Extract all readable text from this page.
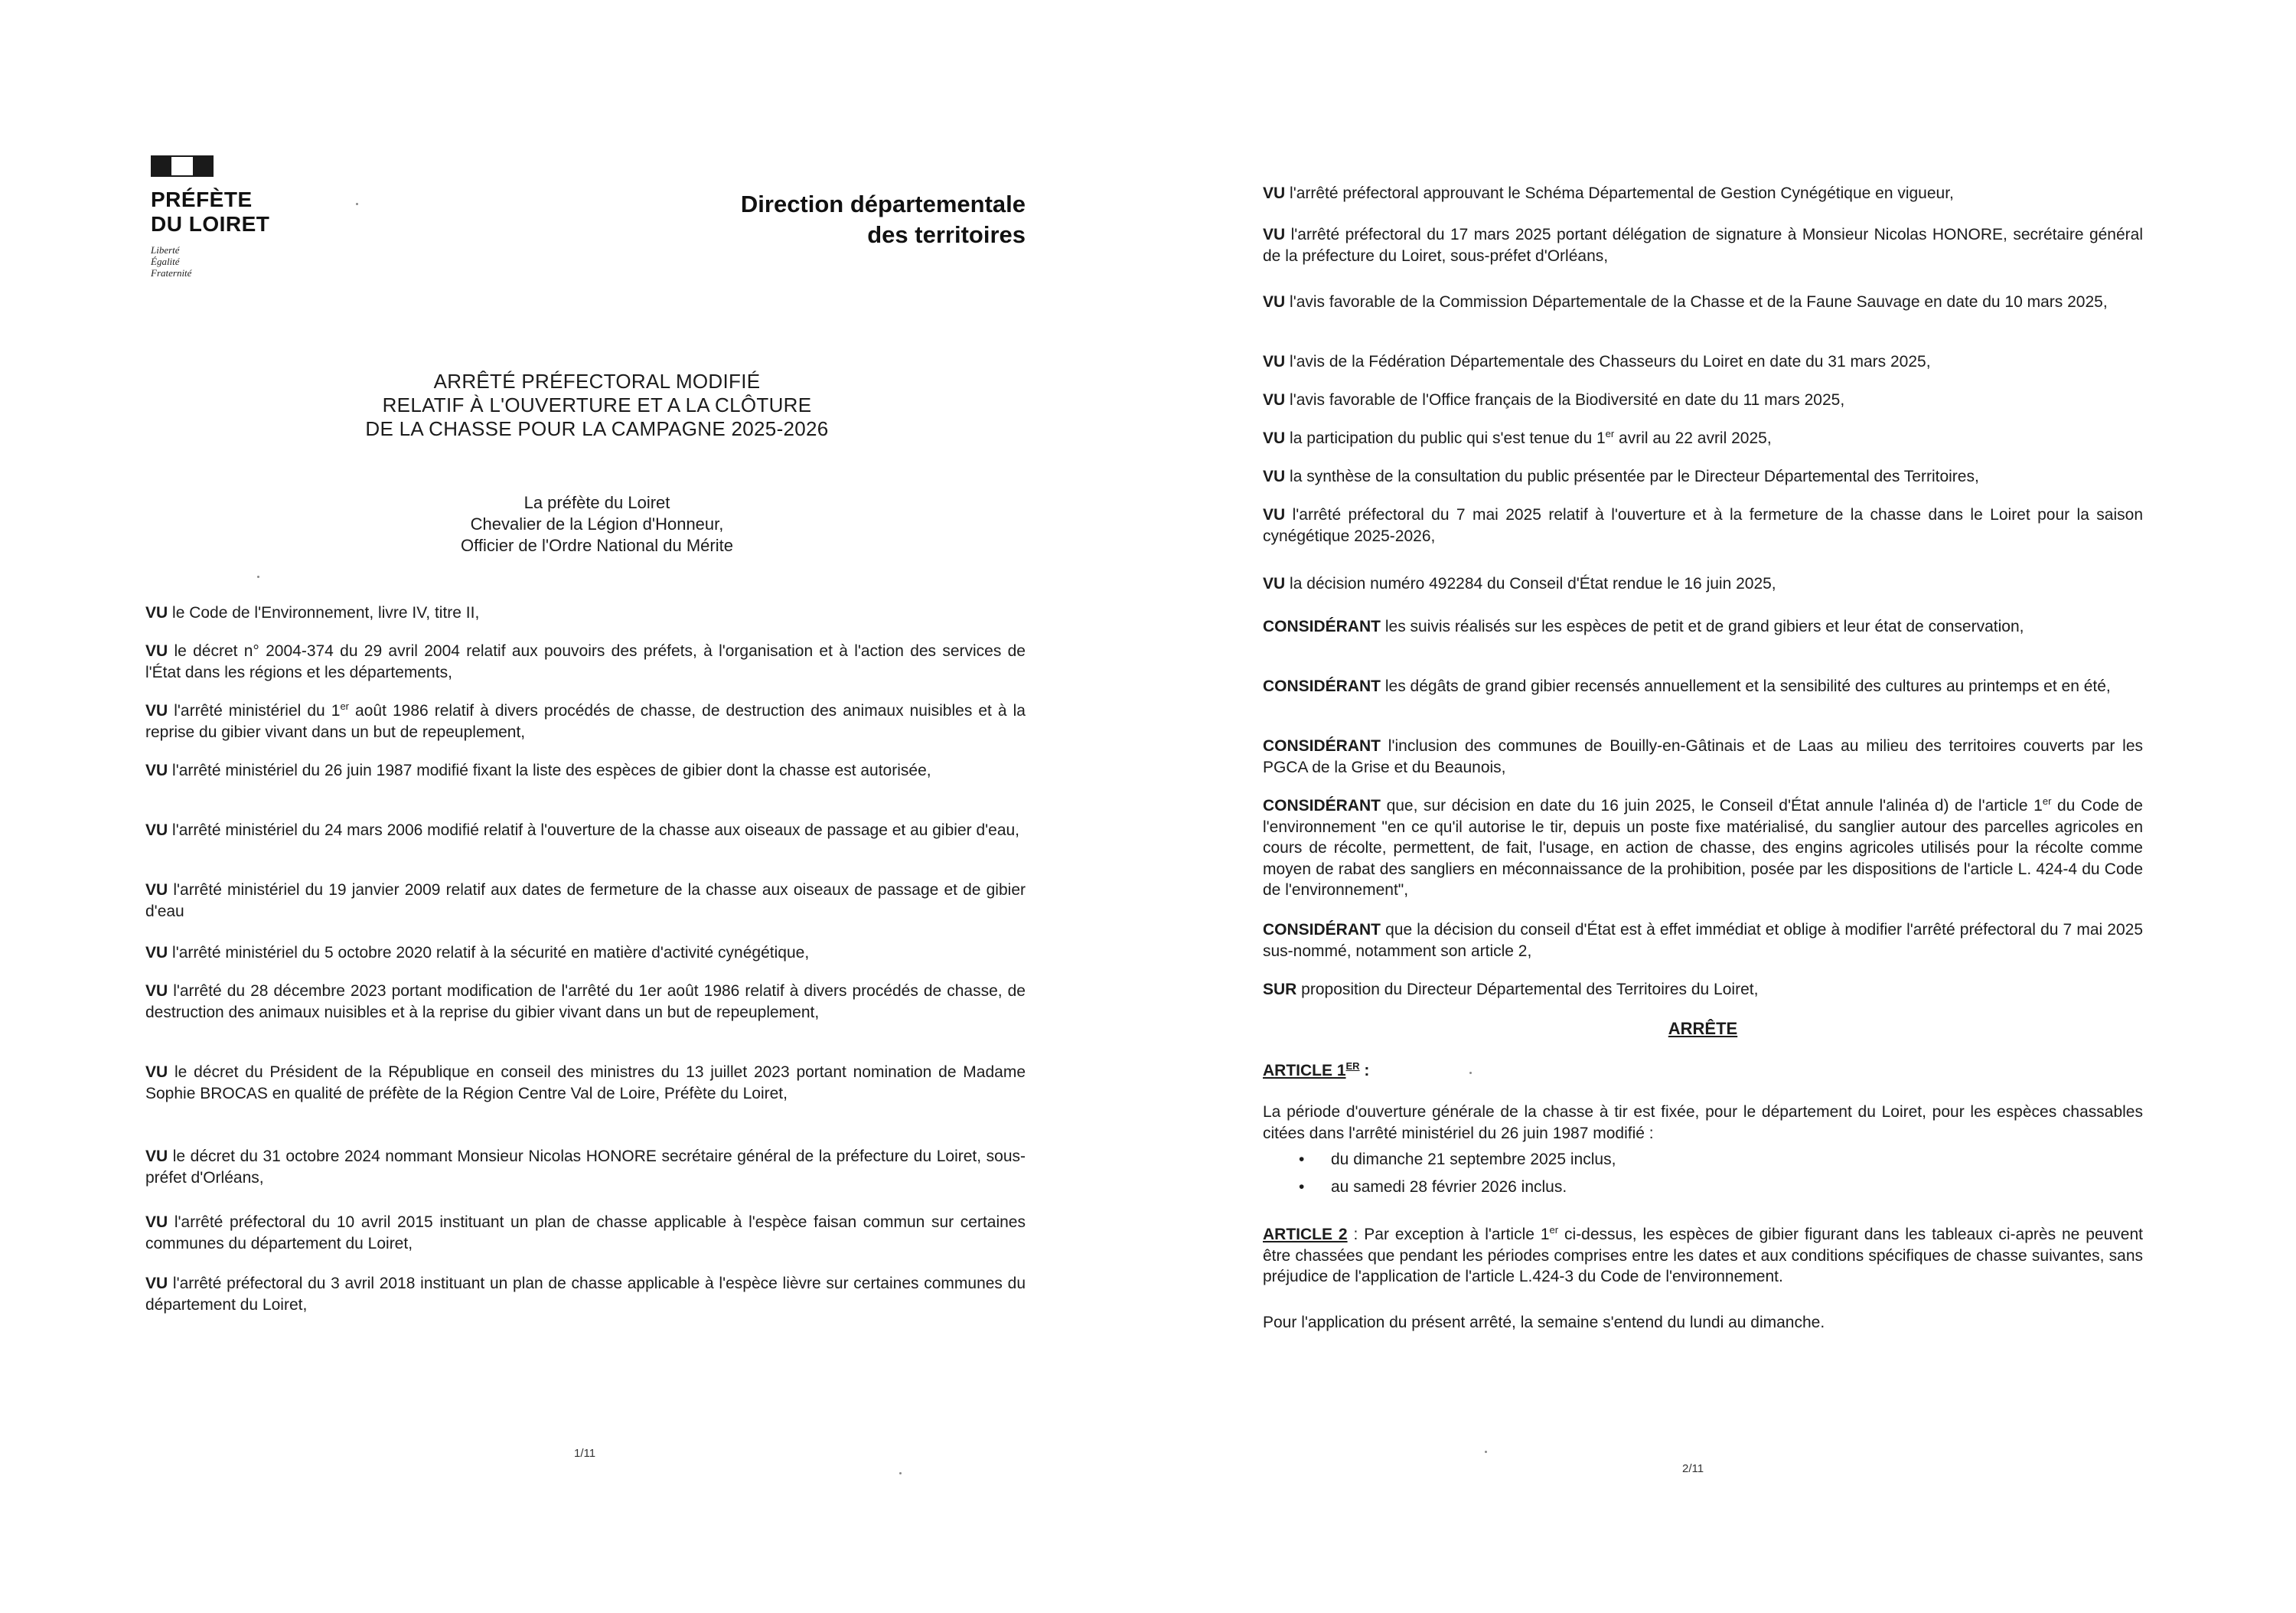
PRÉFÈTE
DU LOIRET
Liberté
Égalité
Fraternité
Direction départementale
des territoires
ARRÊTÉ PRÉFECTORAL MODIFIÉ
RELATIF À L'OUVERTURE ET A LA CLÔTURE
DE LA CHASSE POUR LA CAMPAGNE 2025-2026
La préfète du Loiret
Chevalier de la Légion d'Honneur,
Officier de l'Ordre National du Mérite
VU le Code de l'Environnement, livre IV, titre II,
VU le décret n° 2004-374 du 29 avril 2004 relatif aux pouvoirs des préfets, à l'organisation et à l'action des services de l'État dans les régions et les départements,
VU l'arrêté ministériel du 1er août 1986 relatif à divers procédés de chasse, de destruction des animaux nuisibles et à la reprise du gibier vivant dans un but de repeuplement,
VU l'arrêté ministériel du 26 juin 1987 modifié fixant la liste des espèces de gibier dont la chasse est autorisée,
VU l'arrêté ministériel du 24 mars 2006 modifié relatif à l'ouverture de la chasse aux oiseaux de passage et au gibier d'eau,
VU l'arrêté ministériel du 19 janvier 2009 relatif aux dates de fermeture de la chasse aux oiseaux de passage et de gibier d'eau
VU l'arrêté ministériel du 5 octobre 2020 relatif à la sécurité en matière d'activité cynégétique,
VU l'arrêté du 28 décembre 2023 portant modification de l'arrêté du 1er août 1986 relatif à divers procédés de chasse, de destruction des animaux nuisibles et à la reprise du gibier vivant dans un but de repeuplement,
VU le décret du Président de la République en conseil des ministres du 13 juillet 2023 portant nomination de Madame Sophie BROCAS en qualité de préfète de la Région Centre Val de Loire, Préfète du Loiret,
VU le décret du 31 octobre 2024 nommant Monsieur Nicolas HONORE secrétaire général de la préfecture du Loiret, sous-préfet d'Orléans,
VU l'arrêté préfectoral du 10 avril 2015 instituant un plan de chasse applicable à l'espèce faisan commun sur certaines communes du département du Loiret,
VU l'arrêté préfectoral du 3 avril 2018 instituant un plan de chasse applicable à l'espèce lièvre sur certaines communes du département du Loiret,
1/11
VU l'arrêté préfectoral approuvant le Schéma Départemental de Gestion Cynégétique en vigueur,
VU l'arrêté préfectoral du 17 mars 2025 portant délégation de signature à Monsieur Nicolas HONORE, secrétaire général de la préfecture du Loiret, sous-préfet d'Orléans,
VU l'avis favorable de la Commission Départementale de la Chasse et de la Faune Sauvage en date du 10 mars 2025,
VU l'avis de la Fédération Départementale des Chasseurs du Loiret en date du 31 mars 2025,
VU l'avis favorable de l'Office français de la Biodiversité en date du 11 mars 2025,
VU la participation du public qui s'est tenue du 1er avril au 22 avril 2025,
VU la synthèse de la consultation du public présentée par le Directeur Départemental des Territoires,
VU l'arrêté préfectoral du 7 mai 2025 relatif à l'ouverture et à la fermeture de la chasse dans le Loiret pour la saison cynégétique 2025-2026,
VU la décision numéro 492284 du Conseil d'État rendue le 16 juin 2025,
CONSIDÉRANT les suivis réalisés sur les espèces de petit et de grand gibiers et leur état de conservation,
CONSIDÉRANT les dégâts de grand gibier recensés annuellement et la sensibilité des cultures au printemps et en été,
CONSIDÉRANT l'inclusion des communes de Bouilly-en-Gâtinais et de Laas au milieu des territoires couverts par les PGCA de la Grise et du Beaunois,
CONSIDÉRANT que, sur décision en date du 16 juin 2025, le Conseil d'État annule l'alinéa d) de l'article 1er du Code de l'environnement "en ce qu'il autorise le tir, depuis un poste fixe matérialisé, du sanglier autour des parcelles agricoles en cours de récolte, permettent, de fait, l'usage, en action de chasse, des engins agricoles utilisés pour la récolte comme moyen de rabat des sangliers en méconnaissance de la prohibition, posée par les dispositions de l'article L. 424-4 du Code de l'environnement",
CONSIDÉRANT que la décision du conseil d'État est à effet immédiat et oblige à modifier l'arrêté préfectoral du 7 mai 2025 sus-nommé, notamment son article 2,
SUR proposition du Directeur Départemental des Territoires du Loiret,
ARRÊTE
ARTICLE 1ER :
La période d'ouverture générale de la chasse à tir est fixée, pour le département du Loiret, pour les espèces chassables citées dans l'arrêté ministériel du 26 juin 1987 modifié :
• du dimanche 21 septembre 2025 inclus,
• au samedi 28 février 2026 inclus.
ARTICLE 2 : Par exception à l'article 1er ci-dessus, les espèces de gibier figurant dans les tableaux ci-après ne peuvent être chassées que pendant les périodes comprises entre les dates et aux conditions spécifiques de chasse suivantes, sans préjudice de l'application de l'article L.424-3 du Code de l'environnement.
Pour l'application du présent arrêté, la semaine s'entend du lundi au dimanche.
2/11
